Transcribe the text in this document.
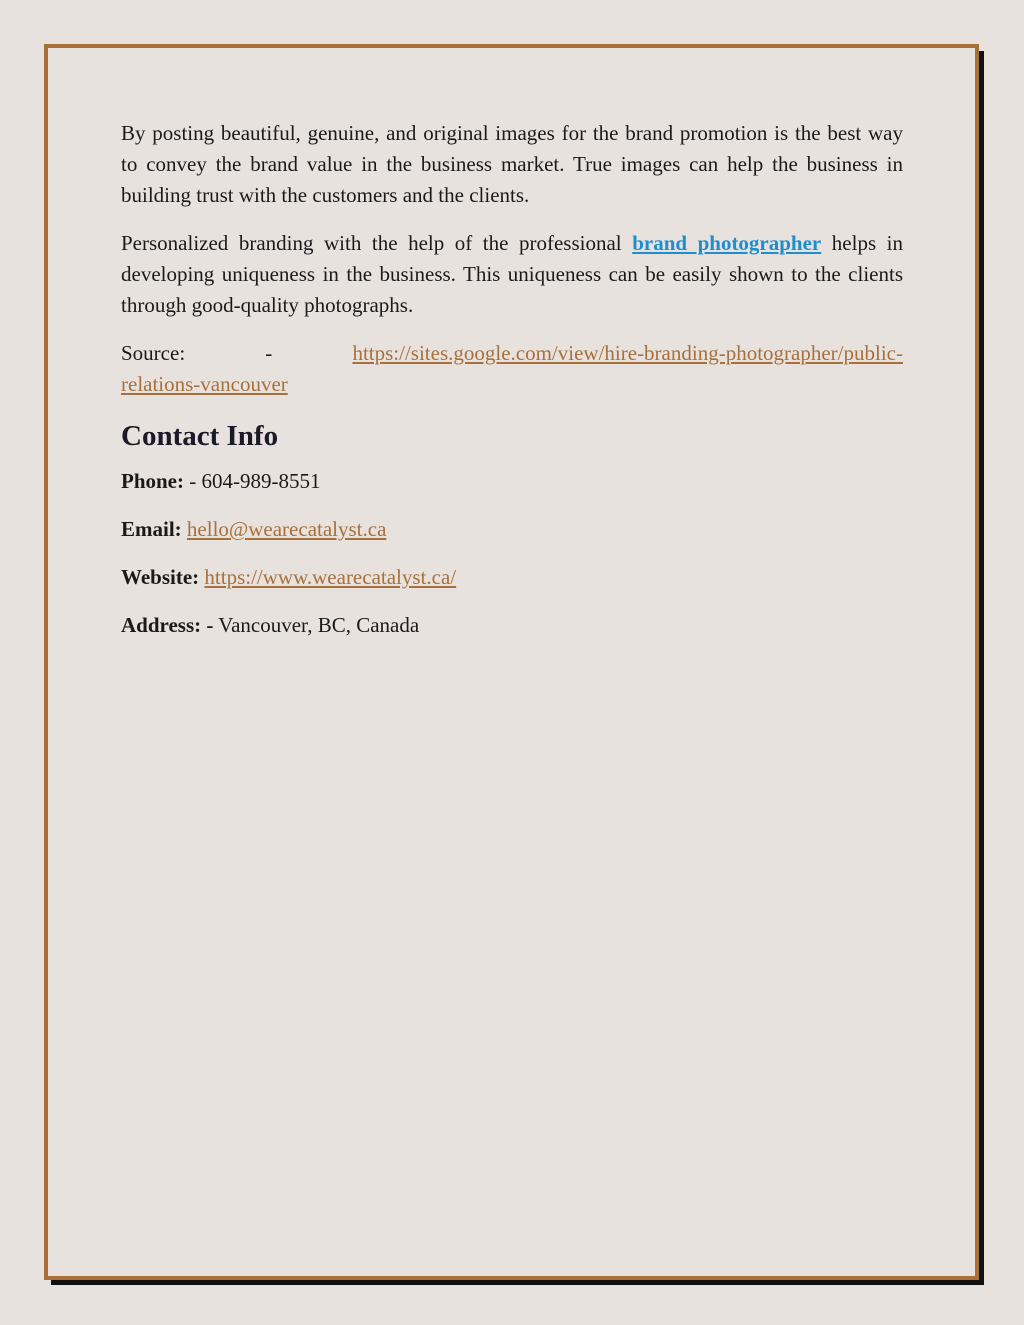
By posting beautiful, genuine, and original images for the brand promotion is the best way to convey the brand value in the business market. True images can help the business in building trust with the customers and the clients.

Personalized branding with the help of the professional brand photographer helps in developing uniqueness in the business. This uniqueness can be easily shown to the clients through good-quality photographs.

Source:	-	https://sites.google.com/view/hire-branding-photographer/public-
relations-vancouver
Contact Info
Phone: - 604-989-8551
Email: hello@wearecatalyst.ca
Website: https://www.wearecatalyst.ca/
Address: - Vancouver, BC, Canada
